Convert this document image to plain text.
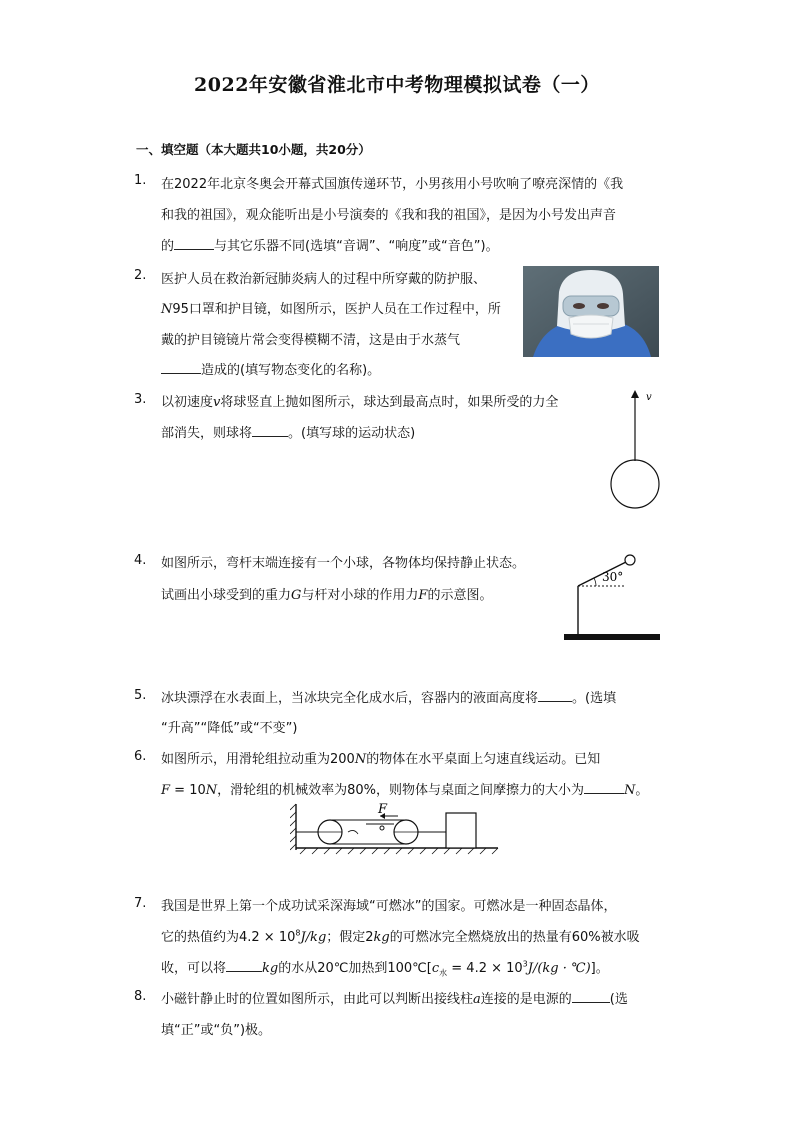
2022年安徽省淮北市中考物理模拟试卷（一）
一、填空题（本大题共10小题，共20分）
1. 在2022年北京冬奥会开幕式国旗传递环节，小男孩用小号吹响了嘹亮深情的《我
和我的祖国》，观众能听出是小号演奏的《我和我的祖国》，是因为小号发出声音
的	与其它乐器不同(选填“音调”、“响度”或“音色”)。
2. 医护人员在救治新冠肺炎病人的过程中所穿戴的防护服、
N95口罩和护目镜，如图所示，医护人员在工作过程中，所
戴的护目镜镜片常会变得模糊不清，这是由于水蒸气
造成的(填写物态变化的名称)。
3. 以初速度v将球竖直上抛如图所示，球达到最高点时，如果所受的力全
部消失，则球将	。(填写球的运动状态)
v
4. 如图所示，弯杆末端连接有一个小球，各物体均保持静止状态。
试画出小球受到的重力G与杆对小球的作用力F的示意图。
30°
5. 冰块漂浮在水表面上，当冰块完全化成水后，容器内的液面高度将	。(选填
“升高”“降低”或“不变”)
6. 如图所示，用滑轮组拉动重为200N的物体在水平桌面上匀速直线运动。已知
F = 10N，滑轮组的机械效率为80%，则物体与桌面之间摩擦力的大小为	N。
F
7. 我国是世界上第一个成功试采深海域“可燃冰”的国家。可燃冰是一种固态晶体，
它的热值约为$4.2 \times 10^8J/kg$；假定2kg的可燃冰完全燃烧放出的热量有60%被水吸
收，可以将	kg的水从20℃加热到$100℃[c_水 = 4.2 \times 10^3J/(kg$ · ℃)]。
8. 小磁针静止时的位置如图所示，由此可以判断出接线柱a连接的是电源的	(选
填“正”或“负”)极。
